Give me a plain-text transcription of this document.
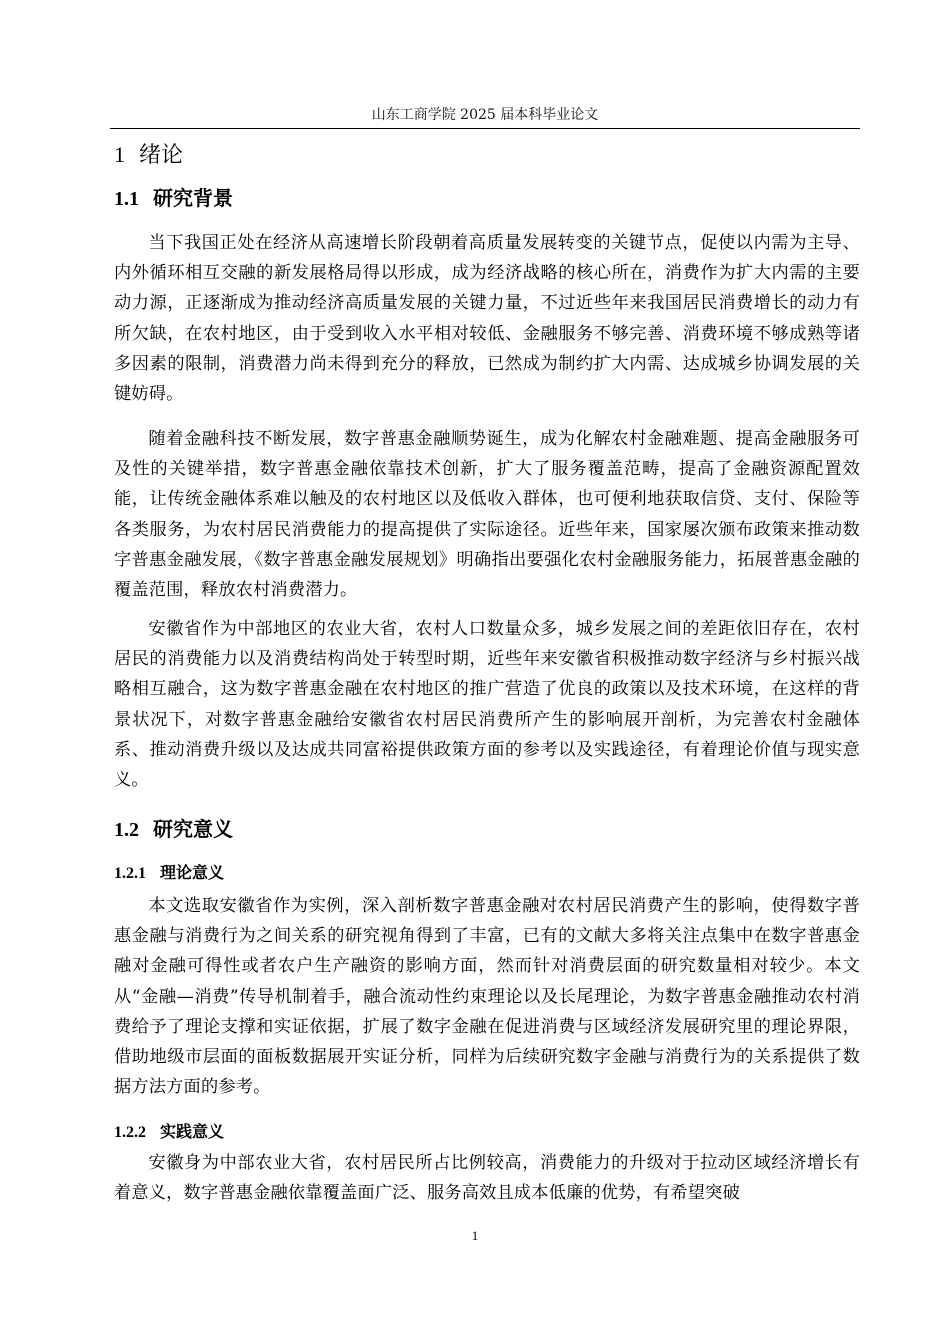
山东工商学院 2025 届本科毕业论文
1 绪论
1.1 研究背景

当下我国正处在经济从高速增长阶段朝着高质量发展转变的关键节点，促使以内需为主导、内外循环相互交融的新发展格局得以形成，成为经济战略的核心所在，消费作为扩大内需的主要动力源，正逐渐成为推动经济高质量发展的关键力量，不过近些年来我国居民消费增长的动力有所欠缺，在农村地区，由于受到收入水平相对较低、金融服务不够完善、消费环境不够成熟等诸多因素的限制，消费潜力尚未得到充分的释放，已然成为制约扩大内需、达成城乡协调发展的关键妨碍。

随着金融科技不断发展，数字普惠金融顺势诞生，成为化解农村金融难题、提高金融服务可及性的关键举措，数字普惠金融依靠技术创新，扩大了服务覆盖范畴，提高了金融资源配置效能，让传统金融体系难以触及的农村地区以及低收入群体，也可便利地获取信贷、支付、保险等各类服务，为农村居民消费能力的提高提供了实际途径。近些年来，国家屡次颁布政策来推动数字普惠金融发展，《数字普惠金融发展规划》明确指出要强化农村金融服务能力，拓展普惠金融的覆盖范围，释放农村消费潜力。

安徽省作为中部地区的农业大省，农村人口数量众多，城乡发展之间的差距依旧存在，农村居民的消费能力以及消费结构尚处于转型时期，近些年来安徽省积极推动数字经济与乡村振兴战略相互融合，这为数字普惠金融在农村地区的推广营造了优良的政策以及技术环境，在这样的背景状况下，对数字普惠金融给安徽省农村居民消费所产生的影响展开剖析，为完善农村金融体系、推动消费升级以及达成共同富裕提供政策方面的参考以及实践途径，有着理论价值与现实意义。

1.2 研究意义
1.2.1 理论意义

本文选取安徽省作为实例，深入剖析数字普惠金融对农村居民消费产生的影响，使得数字普惠金融与消费行为之间关系的研究视角得到了丰富，已有的文献大多将关注点集中在数字普惠金融对金融可得性或者农户生产融资的影响方面，然而针对消费层面的研究数量相对较少。本文从“金融—消费”传导机制着手，融合流动性约束理论以及长尾理论，为数字普惠金融推动农村消费给予了理论支撑和实证依据，扩展了数字金融在促进消费与区域经济发展研究里的理论界限，借助地级市层面的面板数据展开实证分析，同样为后续研究数字金融与消费行为的关系提供了数据方法方面的参考。

1.2.2 实践意义

安徽身为中部农业大省，农村居民所占比例较高，消费能力的升级对于拉动区域经济增长有着意义，数字普惠金融依靠覆盖面广泛、服务高效且成本低廉的优势，有希望突破

1
